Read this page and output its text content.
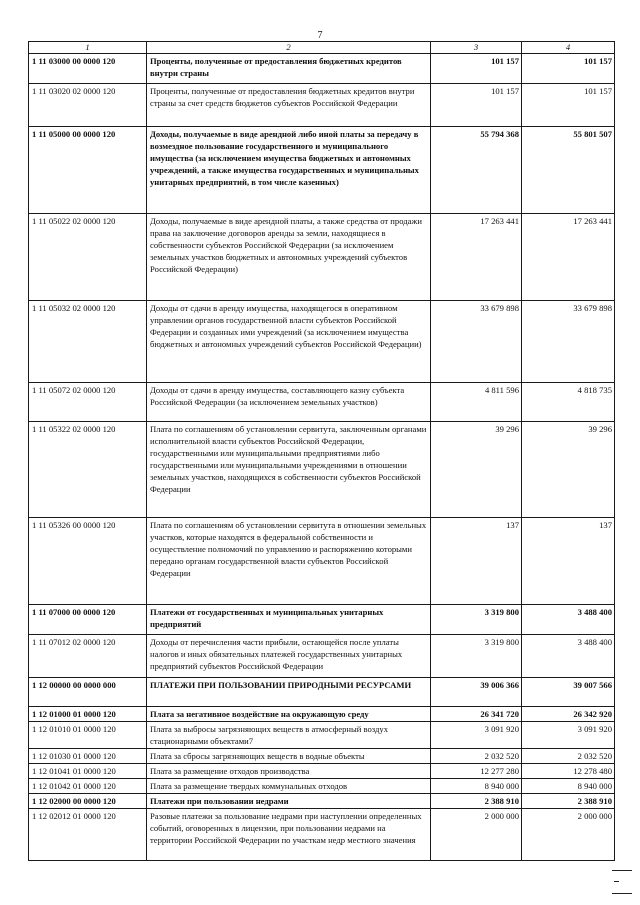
7
1	2	3	4
1 11 03000 00 0000 120	Проценты, полученные от предоставления бюджетных кредитов внутри страны	101 157	101 157
1 11 03020 02 0000 120	Проценты, полученные от предоставления бюджетных кредитов внутри страны за счет средств бюджетов субъектов Российской Федерации	101 157	101 157
1 11 05000 00 0000 120	Доходы, получаемые в виде арендной либо иной платы за передачу в возмездное пользование государственного и муниципального имущества (за исключением имущества бюджетных и автономных учреждений, а также имущества государственных и муниципальных унитарных предприятий, в том числе казенных)	55 794 368	55 801 507
1 11 05022 02 0000 120	Доходы, получаемые в виде арендной платы, а также средства от продажи права на заключение договоров аренды за земли, находящиеся в собственности субъектов Российской Федерации (за исключением земельных участков бюджетных и автономных учреждений субъектов Российской Федерации)	17 263 441	17 263 441
1 11 05032 02 0000 120	Доходы от сдачи в аренду имущества, находящегося в оперативном управлении органов государственной власти субъектов Российской Федерации и созданных ими учреждений (за исключением имущества бюджетных и автономных учреждений субъектов Российской Федерации)	33 679 898	33 679 898
1 11 05072 02 0000 120	Доходы от сдачи в аренду имущества, составляющего казну субъекта Российской Федерации (за исключением земельных участков)	4 811 596	4 818 735
1 11 05322 02 0000 120	Плата по соглашениям об установлении сервитута, заключенным органами исполнительной власти субъектов Российской Федерации, государственными или муниципальными предприятиями либо государственными или муниципальными учреждениями в отношении земельных участков, находящихся в собственности субъектов Российской Федерации	39 296	39 296
1 11 05326 00 0000 120	Плата по соглашениям об установлении сервитута в отношении земельных участков, которые находятся в федеральной собственности и осуществление полномочий по управлению и распоряжению которыми передано органам государственной власти субъектов Российской Федерации	137	137
1 11 07000 00 0000 120	Платежи от государственных и муниципальных унитарных предприятий	3 319 800	3 488 400
1 11 07012 02 0000 120	Доходы от перечисления части прибыли, остающейся после уплаты налогов и иных обязательных платежей государственных унитарных предприятий субъектов Российской Федерации	3 319 800	3 488 400
1 12 00000 00 0000 000	ПЛАТЕЖИ ПРИ ПОЛЬЗОВАНИИ ПРИРОДНЫМИ РЕСУРСАМИ	39 006 366	39 007 566
1 12 01000 01 0000 120	Плата за негативное воздействие на окружающую среду	26 341 720	26 342 920
1 12 01010 01 0000 120	Плата за выбросы загрязняющих веществ в атмосферный воздух стационарными объектами7	3 091 920	3 091 920
1 12 01030 01 0000 120	Плата за сбросы загрязняющих веществ в водные объекты	2 032 520	2 032 520
1 12 01041 01 0000 120	Плата за размещение отходов производства	12 277 280	12 278 480
1 12 01042 01 0000 120	Плата за размещение твердых коммунальных отходов	8 940 000	8 940 000
1 12 02000 00 0000 120	Платежи при пользовании недрами	2 388 910	2 388 910
1 12 02012 01 0000 120	Разовые платежи за пользование недрами при наступлении определенных событий, оговоренных в лицензии, при пользовании недрами на территории Российской Федерации по участкам недр местного значения	2 000 000	2 000 000
